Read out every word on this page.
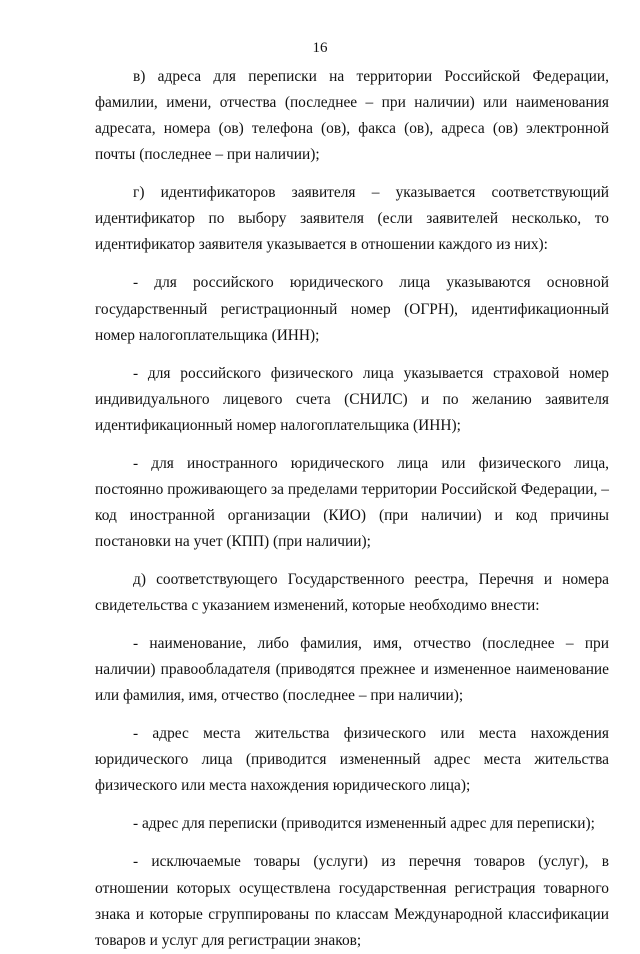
16

в) адреса для переписки на территории Российской Федерации, фамилии, имени, отчества (последнее – при наличии) или наименования адресата, номера (ов) телефона (ов), факса (ов), адреса (ов) электронной почты (последнее – при наличии);

г) идентификаторов заявителя – указывается соответствующий идентификатор по выбору заявителя (если заявителей несколько, то идентификатор заявителя указывается в отношении каждого из них):

- для российского юридического лица указываются основной государственный регистрационный номер (ОГРН), идентификационный номер налогоплательщика (ИНН);

- для российского физического лица указывается страховой номер индивидуального лицевого счета (СНИЛС) и по желанию заявителя идентификационный номер налогоплательщика (ИНН);

- для иностранного юридического лица или физического лица, постоянно проживающего за пределами территории Российской Федерации, – код иностранной организации (КИО) (при наличии) и код причины постановки на учет (КПП) (при наличии);

д) соответствующего Государственного реестра, Перечня и номера свидетельства с указанием изменений, которые необходимо внести:

- наименование, либо фамилия, имя, отчество (последнее – при наличии) правообладателя (приводятся прежнее и измененное наименование или фамилия, имя, отчество (последнее – при наличии);

- адрес места жительства физического или места нахождения юридического лица (приводится измененный адрес места жительства физического или места нахождения юридического лица);

- адрес для переписки (приводится измененный адрес для переписки);

- исключаемые товары (услуги) из перечня товаров (услуг), в отношении которых осуществлена государственная регистрация товарного знака и которые сгруппированы по классам Международной классификации товаров и услуг для регистрации знаков;
